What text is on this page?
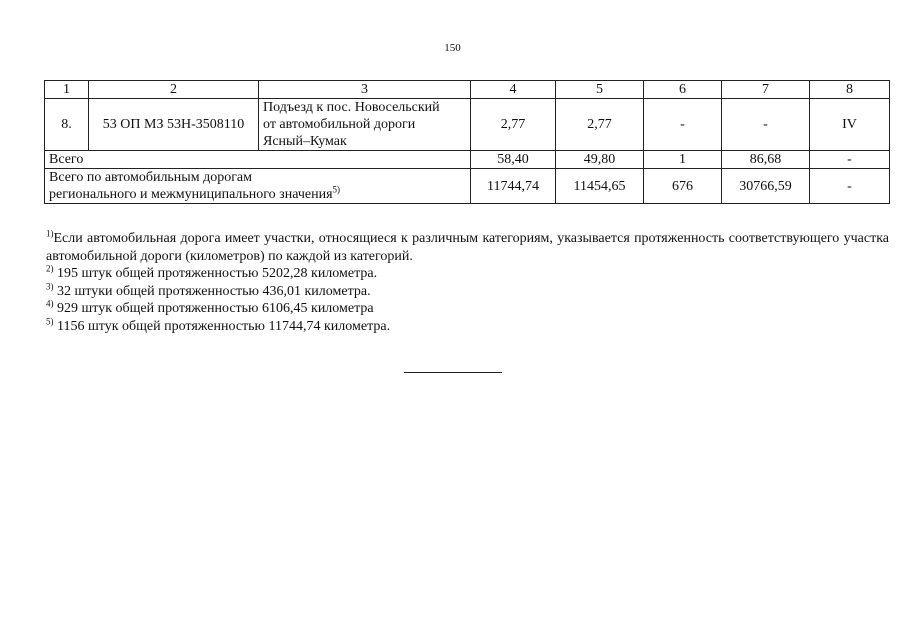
150
1	2	3	4	5	6	7	8
8.	53 ОП МЗ 53Н-3508110	Подъезд к пос. Новосельский
от автомобильной дороги
Ясный–Кумак	2,77	2,77	-	-	IV
Всего			58,40	49,80	1	86,68	-

Всего по автомобильным дорогам
регионального и межмуниципального значения$^{5)}$			11744,74	11454,65	676	30766,59	-

$^{1)}$Если автомобильная дорога имеет участки, относящиеся к различным категориям, указывается протяженность соответствующего участка автомобильной дороги (километров) по каждой из категорий.

$^{2)}$ 195 штук общей протяженностью 5202,28 километра.

$^{3)}$ 32 штуки общей протяженностью 436,01 километра.

$^{4)}$ 929 штук общей протяженностью 6106,45 километра

$^{5)}$ 1156 штук общей протяженностью 11744,74 километра.
